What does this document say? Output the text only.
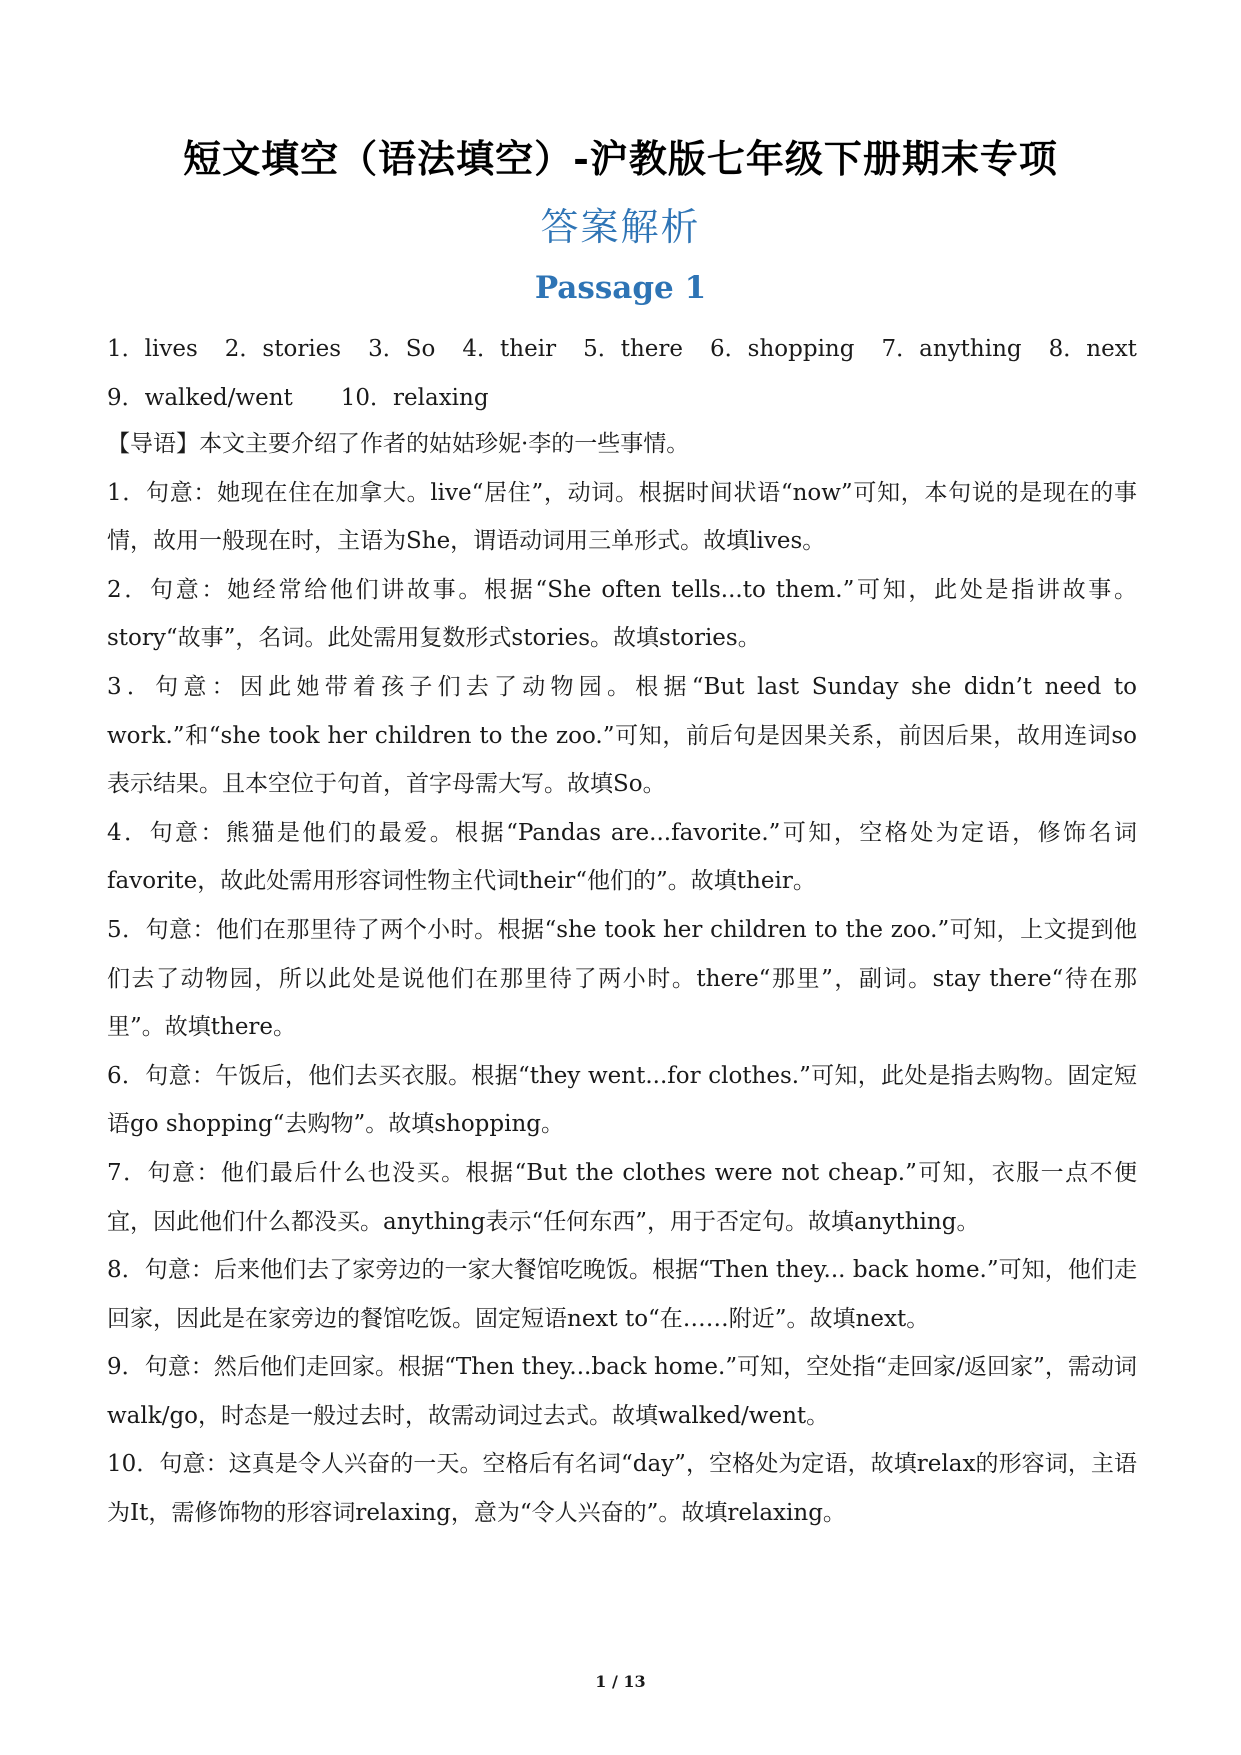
短文填空（语法填空）-沪教版七年级下册期末专项
答案解析
Passage 1
1．lives 2．stories 3．So 4．their 5．there 6．shopping 7．anything 8．next
9．walked/went 10．relaxing

【导语】本文主要介绍了作者的姑姑珍妮·李的一些事情。

1．句意：她现在住在加拿大。live“居住”，动词。根据时间状语“now”可知，本句说的是现在的事情，故用一般现在时，主语为She，谓语动词用三单形式。故填lives。

2．句意：她经常给他们讲故事。根据“She often tells...to them.”可知，此处是指讲故事。story“故事”，名词。此处需用复数形式stories。故填stories。

3．句意：因此她带着孩子们去了动物园。根据“But last Sunday she didn’t need to work.”和“she took her children to the zoo.”可知，前后句是因果关系，前因后果，故用连词so表示结果。且本空位于句首，首字母需大写。故填So。

4．句意：熊猫是他们的最爱。根据“Pandas are...favorite.”可知，空格处为定语，修饰名词favorite，故此处需用形容词性物主代词their“他们的”。故填their。

5．句意：他们在那里待了两个小时。根据“she took her children to the zoo.”可知，上文提到他们去了动物园，所以此处是说他们在那里待了两小时。there“那里”，副词。stay there“待在那里”。故填there。

6．句意：午饭后，他们去买衣服。根据“they went...for clothes.”可知，此处是指去购物。固定短语go shopping“去购物”。故填shopping。

7．句意：他们最后什么也没买。根据“But the clothes were not cheap.”可知，衣服一点不便宜，因此他们什么都没买。anything表示“任何东西”，用于否定句。故填anything。

8．句意：后来他们去了家旁边的一家大餐馆吃晚饭。根据“Then they... back home.”可知，他们走回家，因此是在家旁边的餐馆吃饭。固定短语next to“在……附近”。故填next。

9．句意：然后他们走回家。根据“Then they...back home.”可知，空处指“走回家/返回家”，需动词walk/go，时态是一般过去时，故需动词过去式。故填walked/went。

10．句意：这真是令人兴奋的一天。空格后有名词“day”，空格处为定语，故填relax的形容词，主语为It，需修饰物的形容词relaxing，意为“令人兴奋的”。故填relaxing。

1 / 13
